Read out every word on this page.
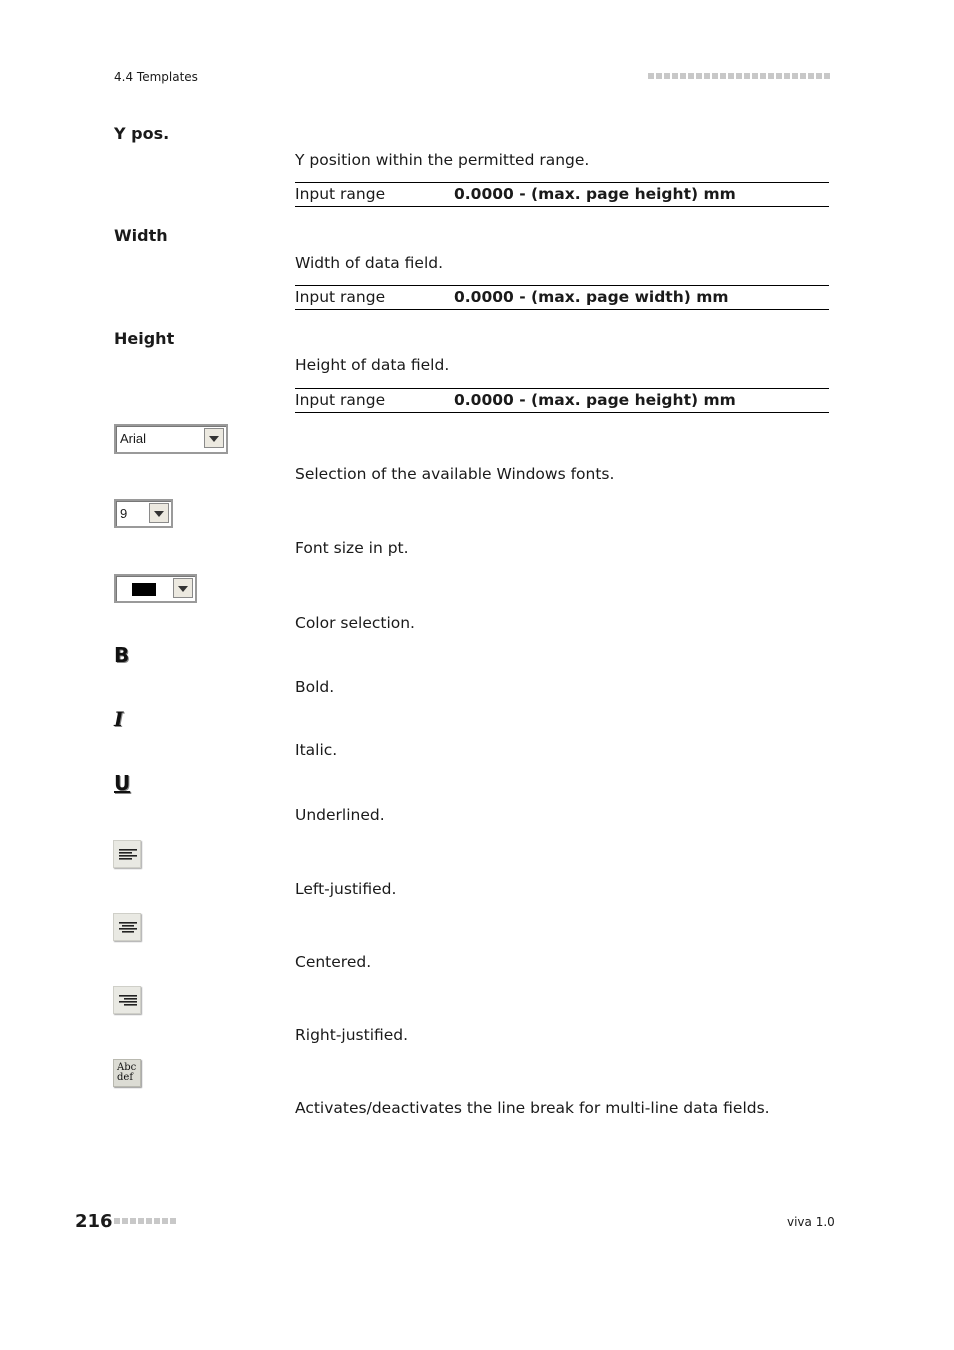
4.4 Templates
Y pos.
Y position within the permitted range.
Input range	0.0000 - (max. page height) mm
Width
Width of data field.
Input range	0.0000 - (max. page width) mm
Height
Height of data field.
Input range	0.0000 - (max. page height) mm
Arial
Selection of the available Windows fonts.
9
Font size in pt.
Color selection.
B
Bold.
I
Italic.
U
Underlined.
Left-justified.
Centered.
Right-justified.
Abc
def
Activates/deactivates the line break for multi-line data fields.
216	viva 1.0
